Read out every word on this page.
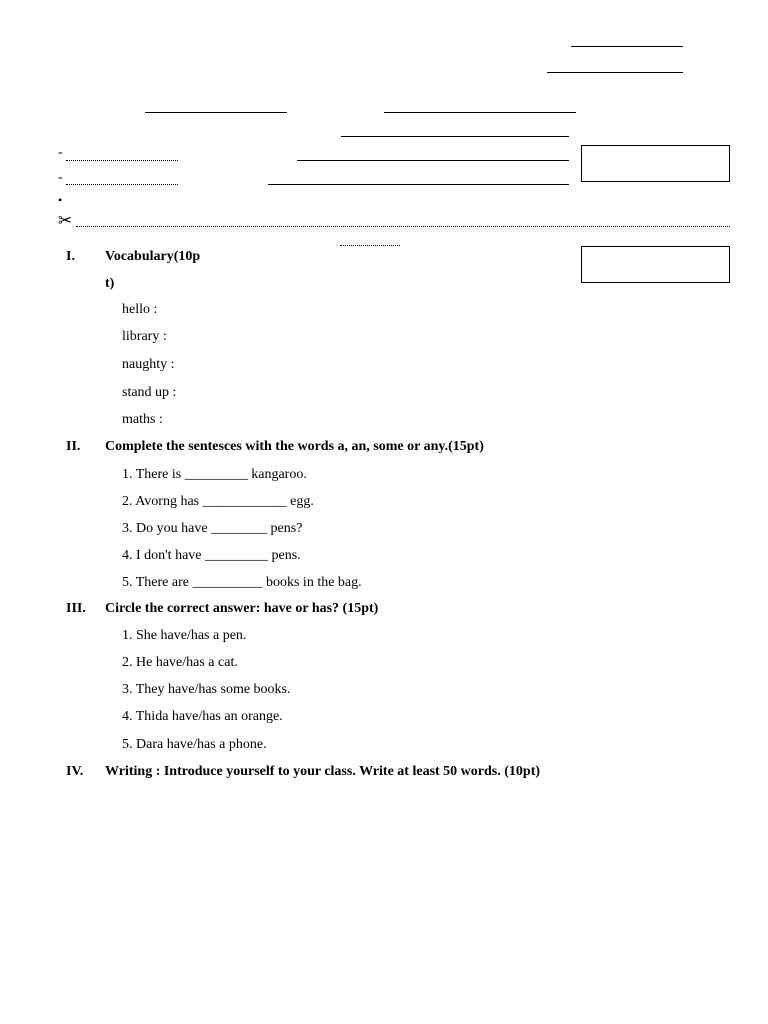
-
-
•
✂
I. Vocabulary(10p
t)
hello :
library :
naughty :
stand up :
maths :
II. Complete the sentesces with the words a, an, some or any.(15pt)
1. There is _________ kangaroo.
2. Avorng has ____________ egg.
3. Do you have ________ pens?
4. I don't have _________ pens.
5. There are __________ books in the bag.
III. Circle the correct answer: have or has? (15pt)
1. She have/has a pen.
2. He have/has a cat.
3. They have/has some books.
4. Thida have/has an orange.
5. Dara have/has a phone.
IV. Writing : Introduce yourself to your class. Write at least 50 words. (10pt)
